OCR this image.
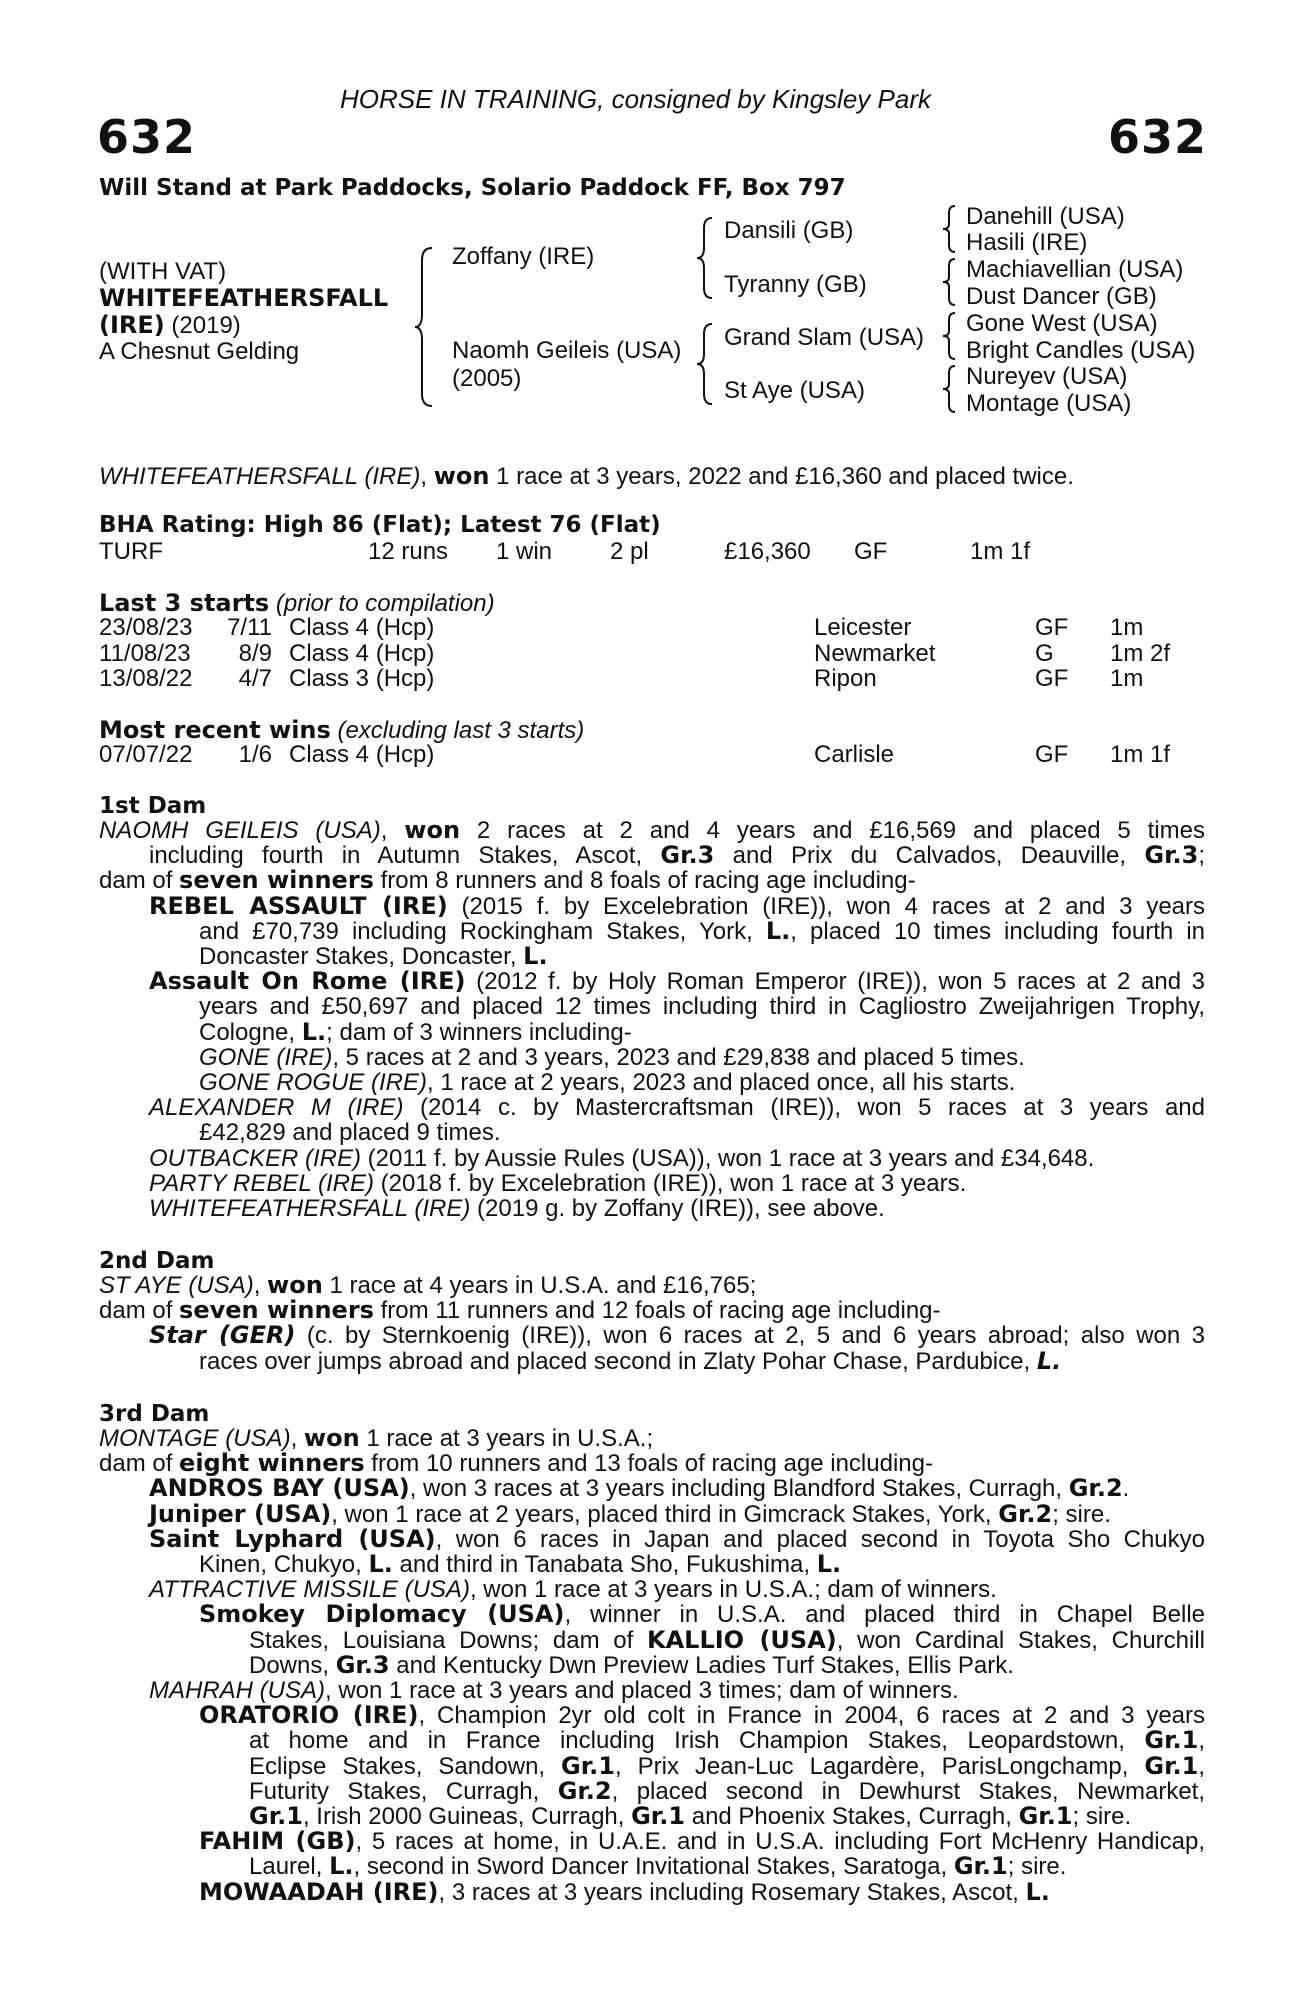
HORSE IN TRAINING, consigned by Kingsley Park
632	632
Will Stand at Park Paddocks, Solario Paddock FF, Box 797
(WITH VAT)
WHITEFEATHERSFALL
(IRE) (2019)
A Chesnut Gelding
Zoffany (IRE)
Naomh Geileis (USA)
(2005)
Dansili (GB)
Tyranny (GB)
Grand Slam (USA)
St Aye (USA)
Danehill (USA)
Hasili (IRE)
Machiavellian (USA)
Dust Dancer (GB)
Gone West (USA)
Bright Candles (USA)
Nureyev (USA)
Montage (USA)
WHITEFEATHERSFALL (IRE), won 1 race at 3 years, 2022 and £16,360 and placed twice.
BHA Rating: High 86 (Flat); Latest 76 (Flat)
TURF	12 runs 1 win 2 pl	£16,360 GF	1m 1f
Last 3 starts (prior to compilation)
23/08/23	7/11 Class 4 (Hcp)	Leicester	GF 1m
11/08/23	8/9 Class 4 (Hcp)	Newmarket	G 1m 2f
13/08/22	4/7 Class 3 (Hcp)	Ripon	GF 1m
Most recent wins (excluding last 3 starts)
07/07/22	1/6 Class 4 (Hcp)	Carlisle	GF 1m 1f
1st Dam
NAOMH GEILEIS (USA), won 2 races at 2 and 4 years and £16,569 and placed 5 times
including fourth in Autumn Stakes, Ascot, Gr.3 and Prix du Calvados, Deauville, Gr.3;
dam of seven winners from 8 runners and 8 foals of racing age including-
REBEL ASSAULT (IRE) (2015 f. by Excelebration (IRE)), won 4 races at 2 and 3 years
and £70,739 including Rockingham Stakes, York, L., placed 10 times including fourth in
Doncaster Stakes, Doncaster, L.
Assault On Rome (IRE) (2012 f. by Holy Roman Emperor (IRE)), won 5 races at 2 and 3
years and £50,697 and placed 12 times including third in Cagliostro Zweijahrigen Trophy,
Cologne, L.; dam of 3 winners including-
GONE (IRE), 5 races at 2 and 3 years, 2023 and £29,838 and placed 5 times.
GONE ROGUE (IRE), 1 race at 2 years, 2023 and placed once, all his starts.
ALEXANDER M (IRE) (2014 c. by Mastercraftsman (IRE)), won 5 races at 3 years and
£42,829 and placed 9 times.
OUTBACKER (IRE) (2011 f. by Aussie Rules (USA)), won 1 race at 3 years and £34,648.
PARTY REBEL (IRE) (2018 f. by Excelebration (IRE)), won 1 race at 3 years.
WHITEFEATHERSFALL (IRE) (2019 g. by Zoffany (IRE)), see above.
2nd Dam
ST AYE (USA), won 1 race at 4 years in U.S.A. and £16,765;
dam of seven winners from 11 runners and 12 foals of racing age including-
Star (GER) (c. by Sternkoenig (IRE)), won 6 races at 2, 5 and 6 years abroad; also won 3
races over jumps abroad and placed second in Zlaty Pohar Chase, Pardubice, L.
3rd Dam
MONTAGE (USA), won 1 race at 3 years in U.S.A.;
dam of eight winners from 10 runners and 13 foals of racing age including-
ANDROS BAY (USA), won 3 races at 3 years including Blandford Stakes, Curragh, Gr.2.
Juniper (USA), won 1 race at 2 years, placed third in Gimcrack Stakes, York, Gr.2; sire.
Saint Lyphard (USA), won 6 races in Japan and placed second in Toyota Sho Chukyo
Kinen, Chukyo, L. and third in Tanabata Sho, Fukushima, L.
ATTRACTIVE MISSILE (USA), won 1 race at 3 years in U.S.A.; dam of winners.
Smokey Diplomacy (USA), winner in U.S.A. and placed third in Chapel Belle
Stakes, Louisiana Downs; dam of KALLIO (USA), won Cardinal Stakes, Churchill
Downs, Gr.3 and Kentucky Dwn Preview Ladies Turf Stakes, Ellis Park.
MAHRAH (USA), won 1 race at 3 years and placed 3 times; dam of winners.
ORATORIO (IRE), Champion 2yr old colt in France in 2004, 6 races at 2 and 3 years
at home and in France including Irish Champion Stakes, Leopardstown, Gr.1,
Eclipse Stakes, Sandown, Gr.1, Prix Jean-Luc Lagardère, ParisLongchamp, Gr.1,
Futurity Stakes, Curragh, Gr.2, placed second in Dewhurst Stakes, Newmarket,
Gr.1, Irish 2000 Guineas, Curragh, Gr.1 and Phoenix Stakes, Curragh, Gr.1; sire.
FAHIM (GB), 5 races at home, in U.A.E. and in U.S.A. including Fort McHenry Handicap,
Laurel, L., second in Sword Dancer Invitational Stakes, Saratoga, Gr.1; sire.
MOWAADAH (IRE), 3 races at 3 years including Rosemary Stakes, Ascot, L.
